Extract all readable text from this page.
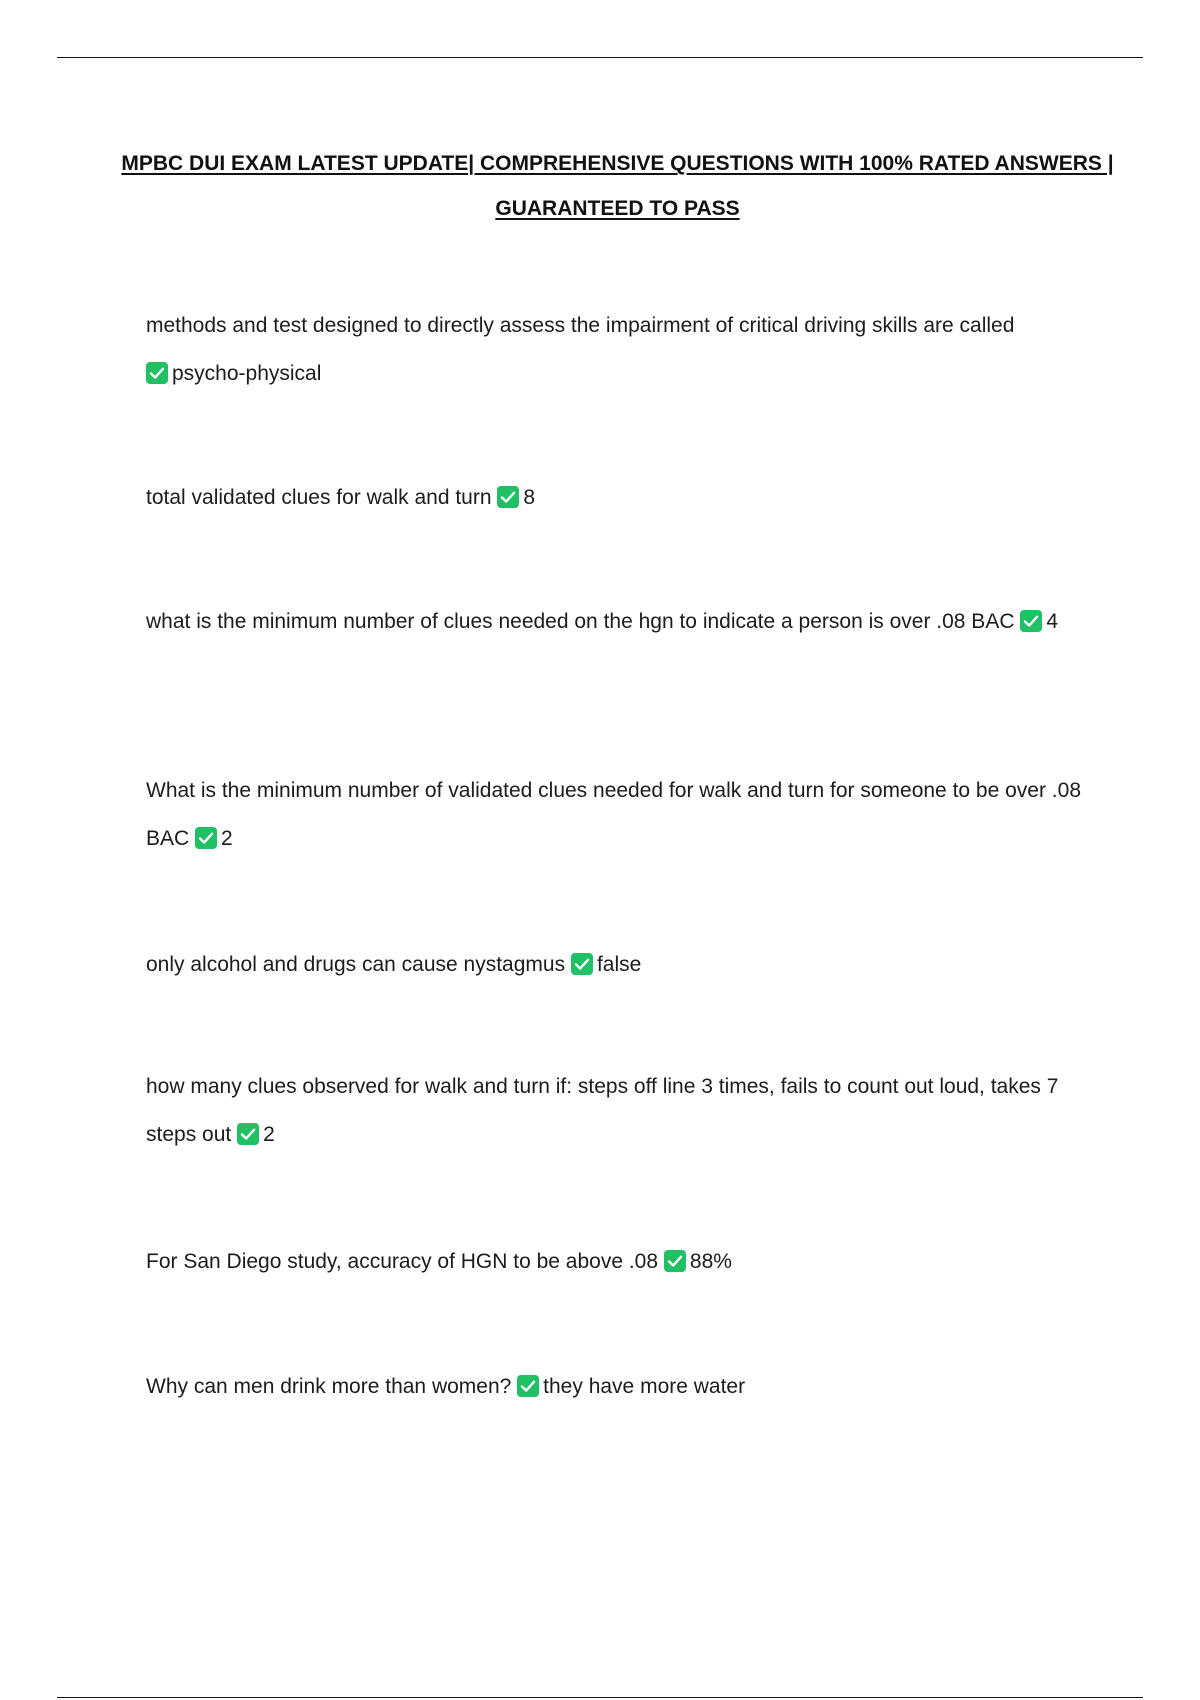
MPBC DUI EXAM LATEST UPDATE| COMPREHENSIVE QUESTIONS WITH 100% RATED ANSWERS | GUARANTEED TO PASS
methods and test designed to directly assess the impairment of critical driving skills are called
psycho-physical
total validated clues for walk and turn 8
what is the minimum number of clues needed on the hgn to indicate a person is over .08 BAC 4
What is the minimum number of validated clues needed for walk and turn for someone to be over .08 BAC 2
only alcohol and drugs can cause nystagmus false
how many clues observed for walk and turn if: steps off line 3 times, fails to count out loud, takes 7 steps out 2
For San Diego study, accuracy of HGN to be above .08 88%
Why can men drink more than women? they have more water
